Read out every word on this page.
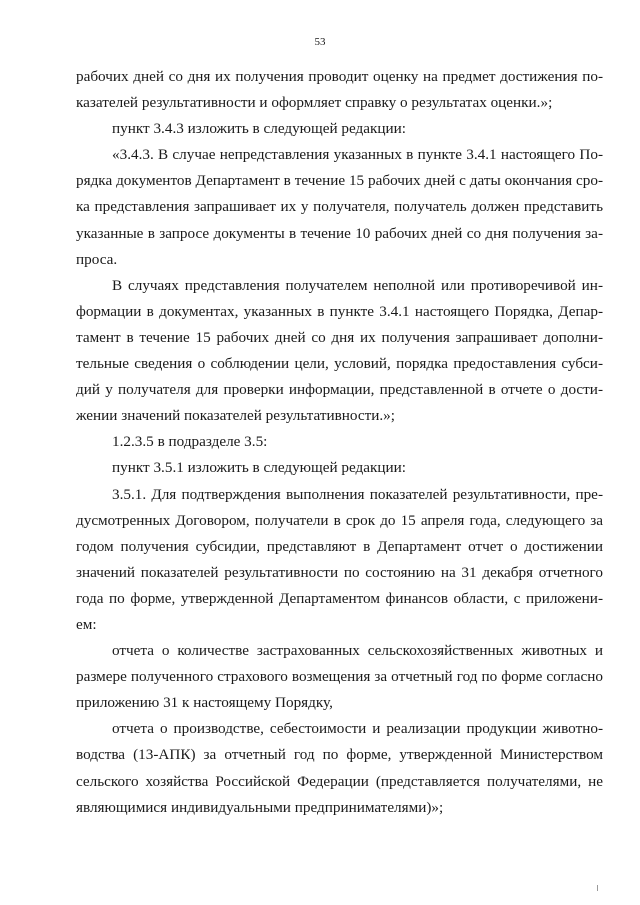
53

рабочих дней со дня их получения проводит оценку на предмет достижения показателей результативности и оформляет справку о результатах оценки.»;

пункт 3.4.3 изложить в следующей редакции:

«3.4.3. В случае непредставления указанных в пункте 3.4.1 настоящего Порядка документов Департамент в течение 15 рабочих дней с даты окончания срока представления запрашивает их у получателя, получатель должен представить указанные в запросе документы в течение 10 рабочих дней со дня получения запроса.

В случаях представления получателем неполной или противоречивой информации в документах, указанных в пункте 3.4.1 настоящего Порядка, Департамент в течение 15 рабочих дней со дня их получения запрашивает дополнительные сведения о соблюдении цели, условий, порядка предоставления субсидий у получателя для проверки информации, представленной в отчете о достижении значений показателей результативности.»;

1.2.3.5 в подразделе 3.5:

пункт 3.5.1 изложить в следующей редакции:

3.5.1. Для подтверждения выполнения показателей результативности, предусмотренных Договором, получатели в срок до 15 апреля года, следующего за годом получения субсидии, представляют в Департамент отчет о достижении значений показателей результативности по состоянию на 31 декабря отчетного года по форме, утвержденной Департаментом финансов области, с приложением:

отчета о количестве застрахованных сельскохозяйственных животных и размере полученного страхового возмещения за отчетный год по форме согласно приложению 31 к настоящему Порядку,

отчета о производстве, себестоимости и реализации продукции животноводства (13-АПК) за отчетный год по форме, утвержденной Министерством сельского хозяйства Российской Федерации (представляется получателями, не являющимися индивидуальными предпринимателями)»;
